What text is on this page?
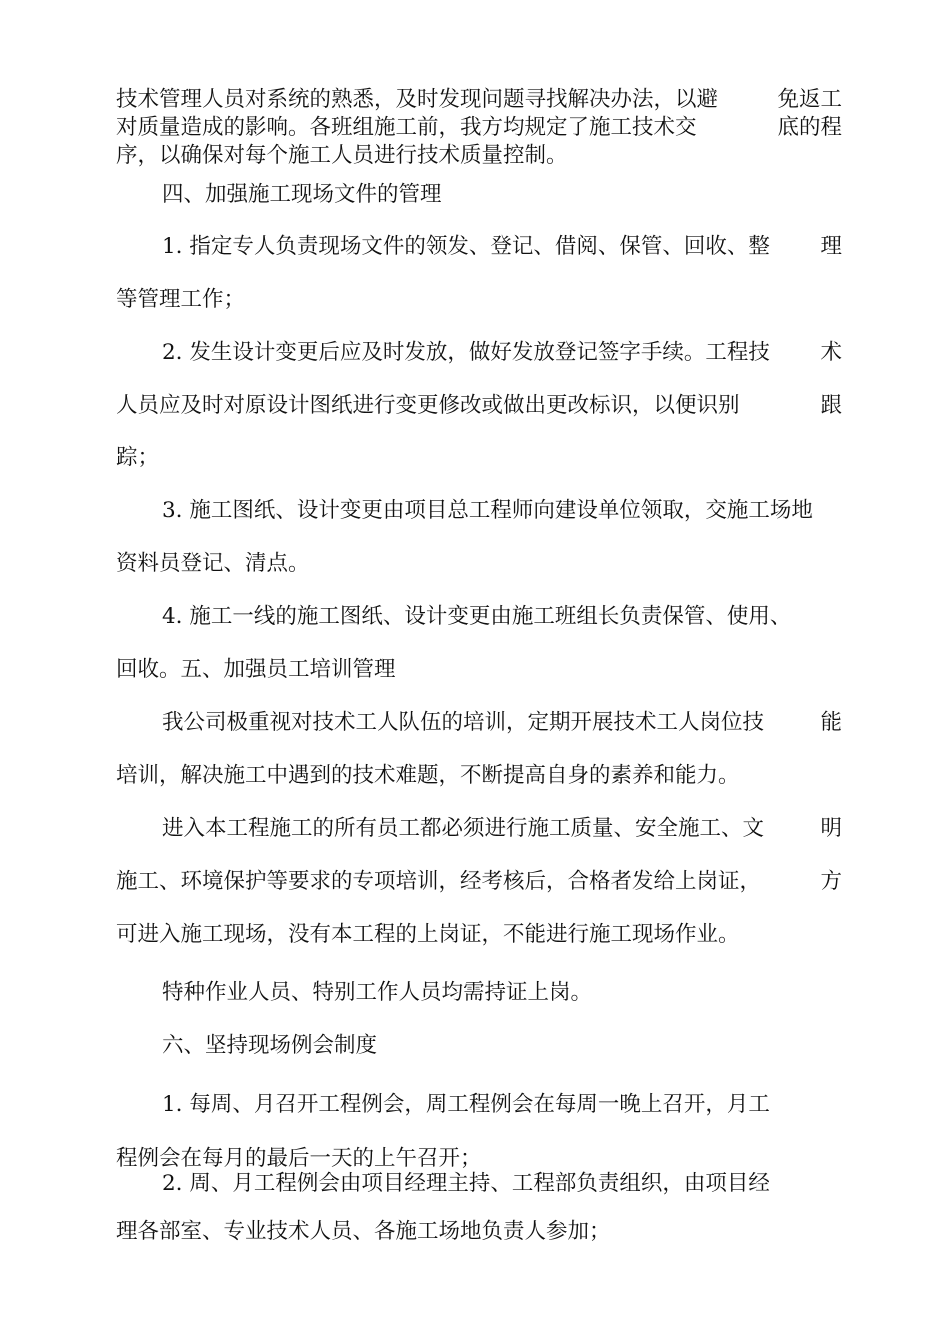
技术管理人员对系统的熟悉，及时发现问题寻找解决办法，以避	免返工
对质量造成的影响。各班组施工前，我方均规定了施工技术交	底的程
序，以确保对每个施工人员进行技术质量控制。
四、加强施工现场文件的管理
1. 指定专人负责现场文件的领发、登记、借阅、保管、回收、整 理
等管理工作；
2. 发生设计变更后应及时发放，做好发放登记签字手续。工程技 术
人员应及时对原设计图纸进行变更修改或做出更改标识，以便识别	跟
踪；
3. 施工图纸、设计变更由项目总工程师向建设单位领取，交施工场地
资料员登记、清点。
4. 施工一线的施工图纸、设计变更由施工班组长负责保管、使用、
回收。五、加强员工培训管理
我公司极重视对技术工人队伍的培训，定期开展技术工人岗位技	能
培训，解决施工中遇到的技术难题，不断提高自身的素养和能力。
进入本工程施工的所有员工都必须进行施工质量、安全施工、文	明
施工、环境保护等要求的专项培训，经考核后，合格者发给上岗证，	方
可进入施工现场，没有本工程的上岗证，不能进行施工现场作业。
特种作业人员、特别工作人员均需持证上岗。
六、坚持现场例会制度
1. 每周、月召开工程例会，周工程例会在每周一晚上召开，月工
程例会在每月的最后一天的上午召开；
2. 周、月工程例会由项目经理主持、工程部负责组织，由项目经
理各部室、专业技术人员、各施工场地负责人参加；
